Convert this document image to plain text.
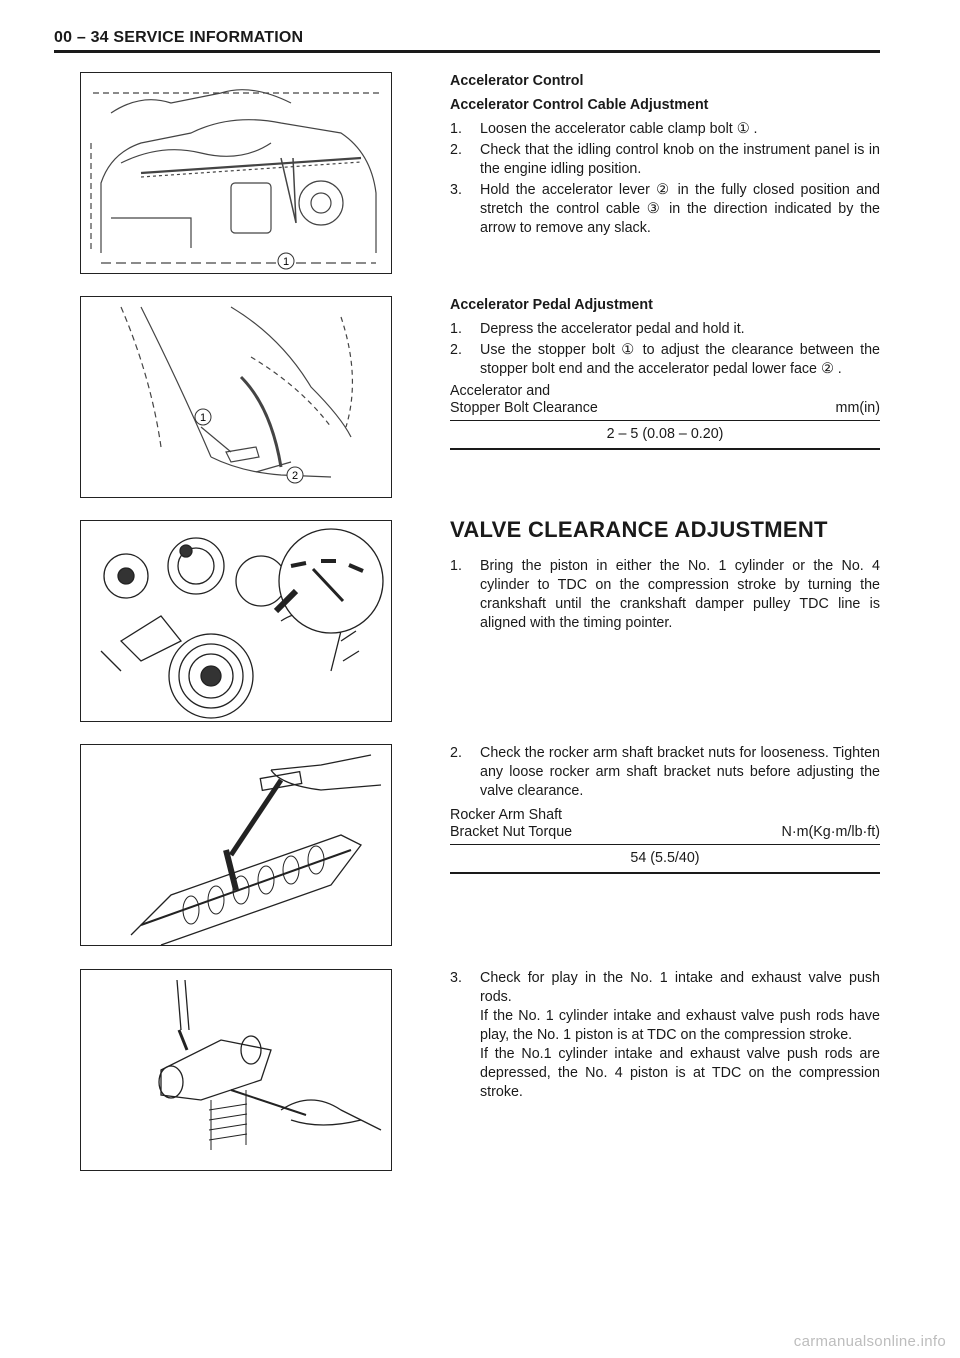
00 – 34 SERVICE INFORMATION
1
Accelerator Control
Accelerator Control Cable Adjustment
1. Loosen the accelerator cable clamp bolt ① .
2. Check that the idling control knob on the instrument panel is in the engine idling position.
3. Hold the accelerator lever ② in the fully closed position and stretch the control cable ③ in the direction indicated by the arrow to remove any slack.
1
2
Accelerator Pedal Adjustment
1. Depress the accelerator pedal and hold it.
2. Use the stopper bolt ① to adjust the clearance between the stopper bolt end and the accelerator pedal lower face ② .
Accelerator and
Stopper Bolt Clearance	mm(in)
2 – 5 (0.08 – 0.20)
VALVE CLEARANCE ADJUSTMENT
1. Bring the piston in either the No. 1 cylinder or the No. 4 cylinder to TDC on the compression stroke by turning the crankshaft until the crankshaft damper pulley TDC line is aligned with the timing pointer.
2. Check the rocker arm shaft bracket nuts for looseness. Tighten any loose rocker arm shaft bracket nuts before adjusting the valve clearance.
Rocker Arm Shaft
Bracket Nut Torque	N·m(Kg·m/lb·ft)
54 (5.5/40)
3. Check for play in the No. 1 intake and exhaust valve push rods.
If the No. 1 cylinder intake and exhaust valve push rods have play, the No. 1 piston is at TDC on the compression stroke.
If the No.1 cylinder intake and exhaust valve push rods are depressed, the No. 4 piston is at TDC on the compression stroke.
carmanualsonline.info
